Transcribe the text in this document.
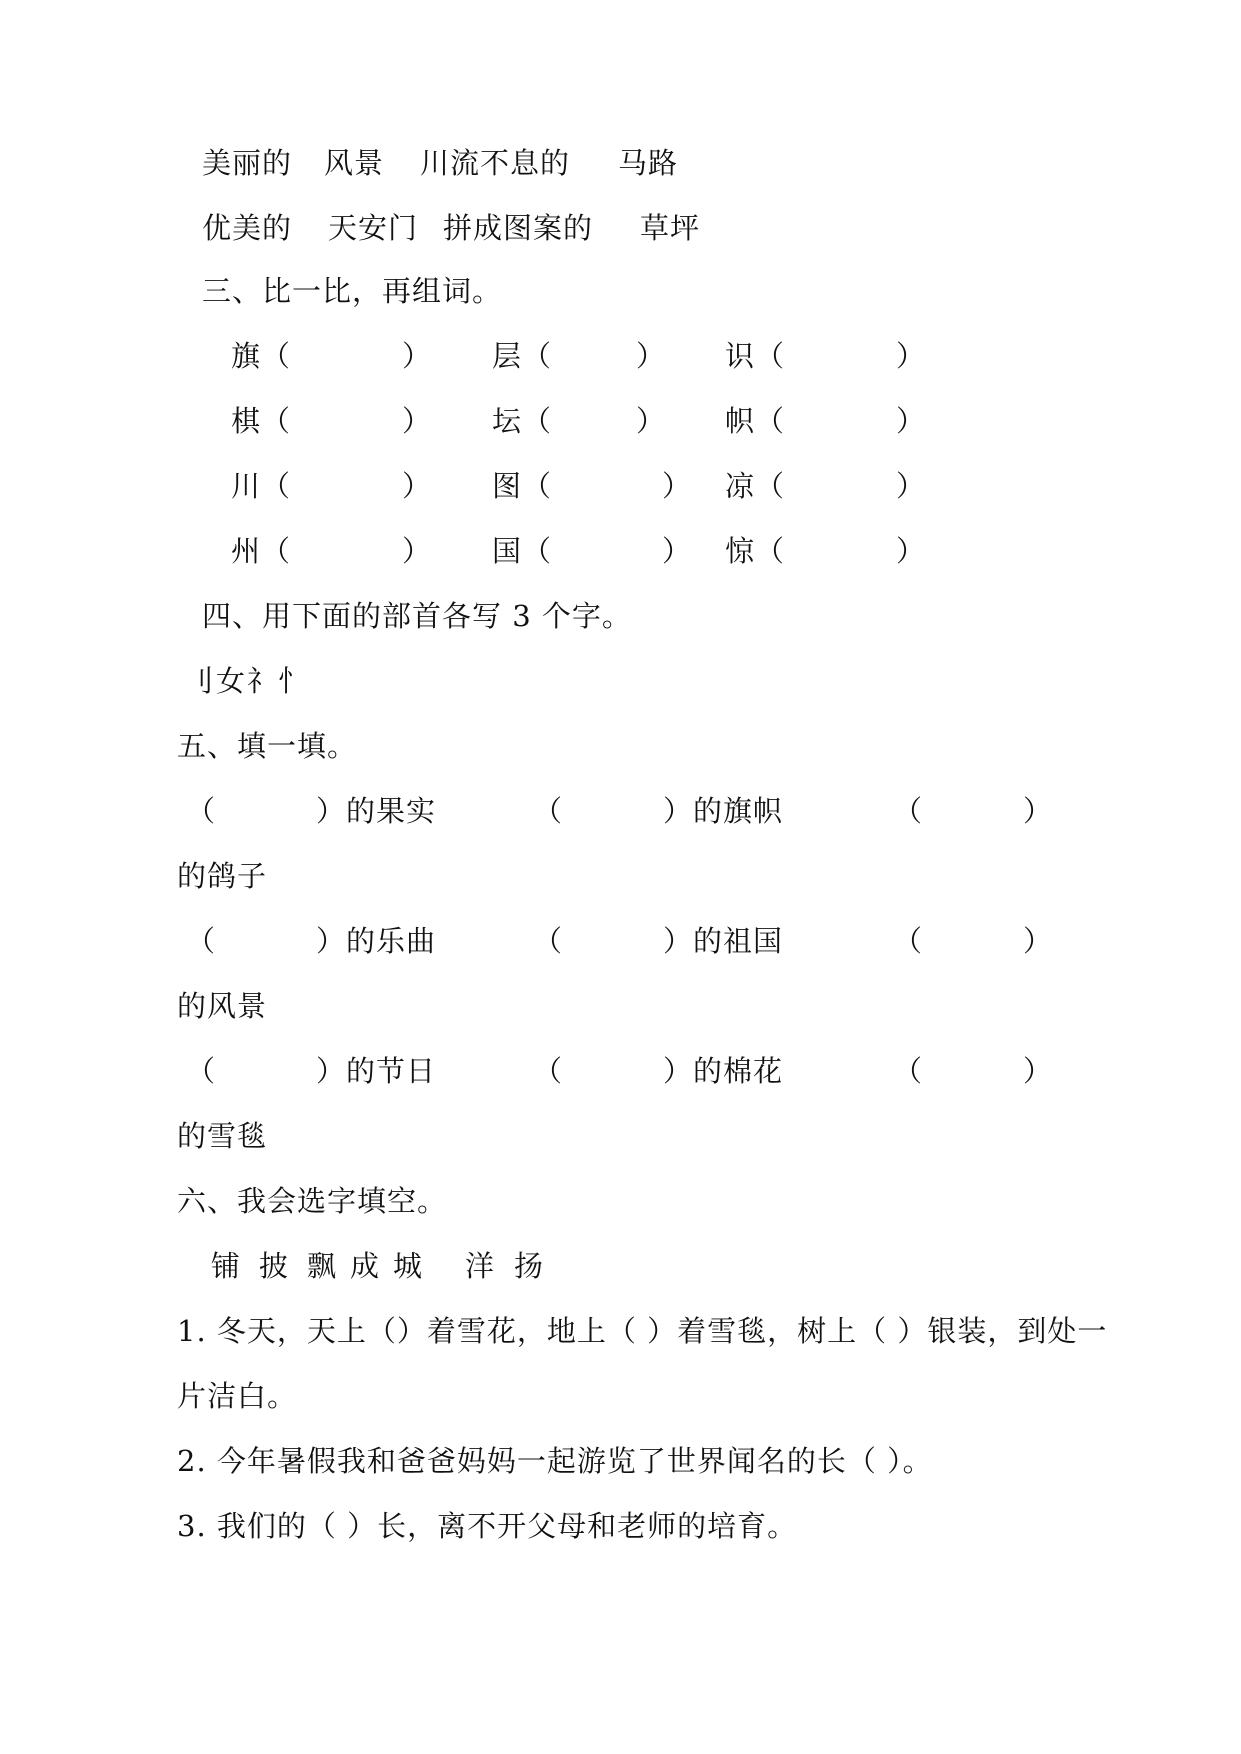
美丽的 风景 川流不息的 马路
优美的 天安门 拼成图案的 草坪
三、比一比，再组词。
旗（	） 层（	） 识（	）
棋（	） 坛（	） 帜（	）
川（	） 图（	） 凉（	）
州（	） 国（	） 惊（	）
四、用下面的部首各写 3 个字。
刂女礻忄
五、填一填。
（	）的果实	（	）的旗帜	（	）
的鸽子
（	）的乐曲	（	）的祖国	（	）
的风景
（	）的节日	（	）的棉花	（	）
的雪毯
六、我会选字填空。
铺 披 飘 成 城 洋 扬
1. 冬天，天上（）着雪花，地上（ ）着雪毯，树上（ ）银装，到处一
片洁白。
2. 今年暑假我和爸爸妈妈一起游览了世界闻名的长（ ）。
3. 我们的（ ）长，离不开父母和老师的培育。
